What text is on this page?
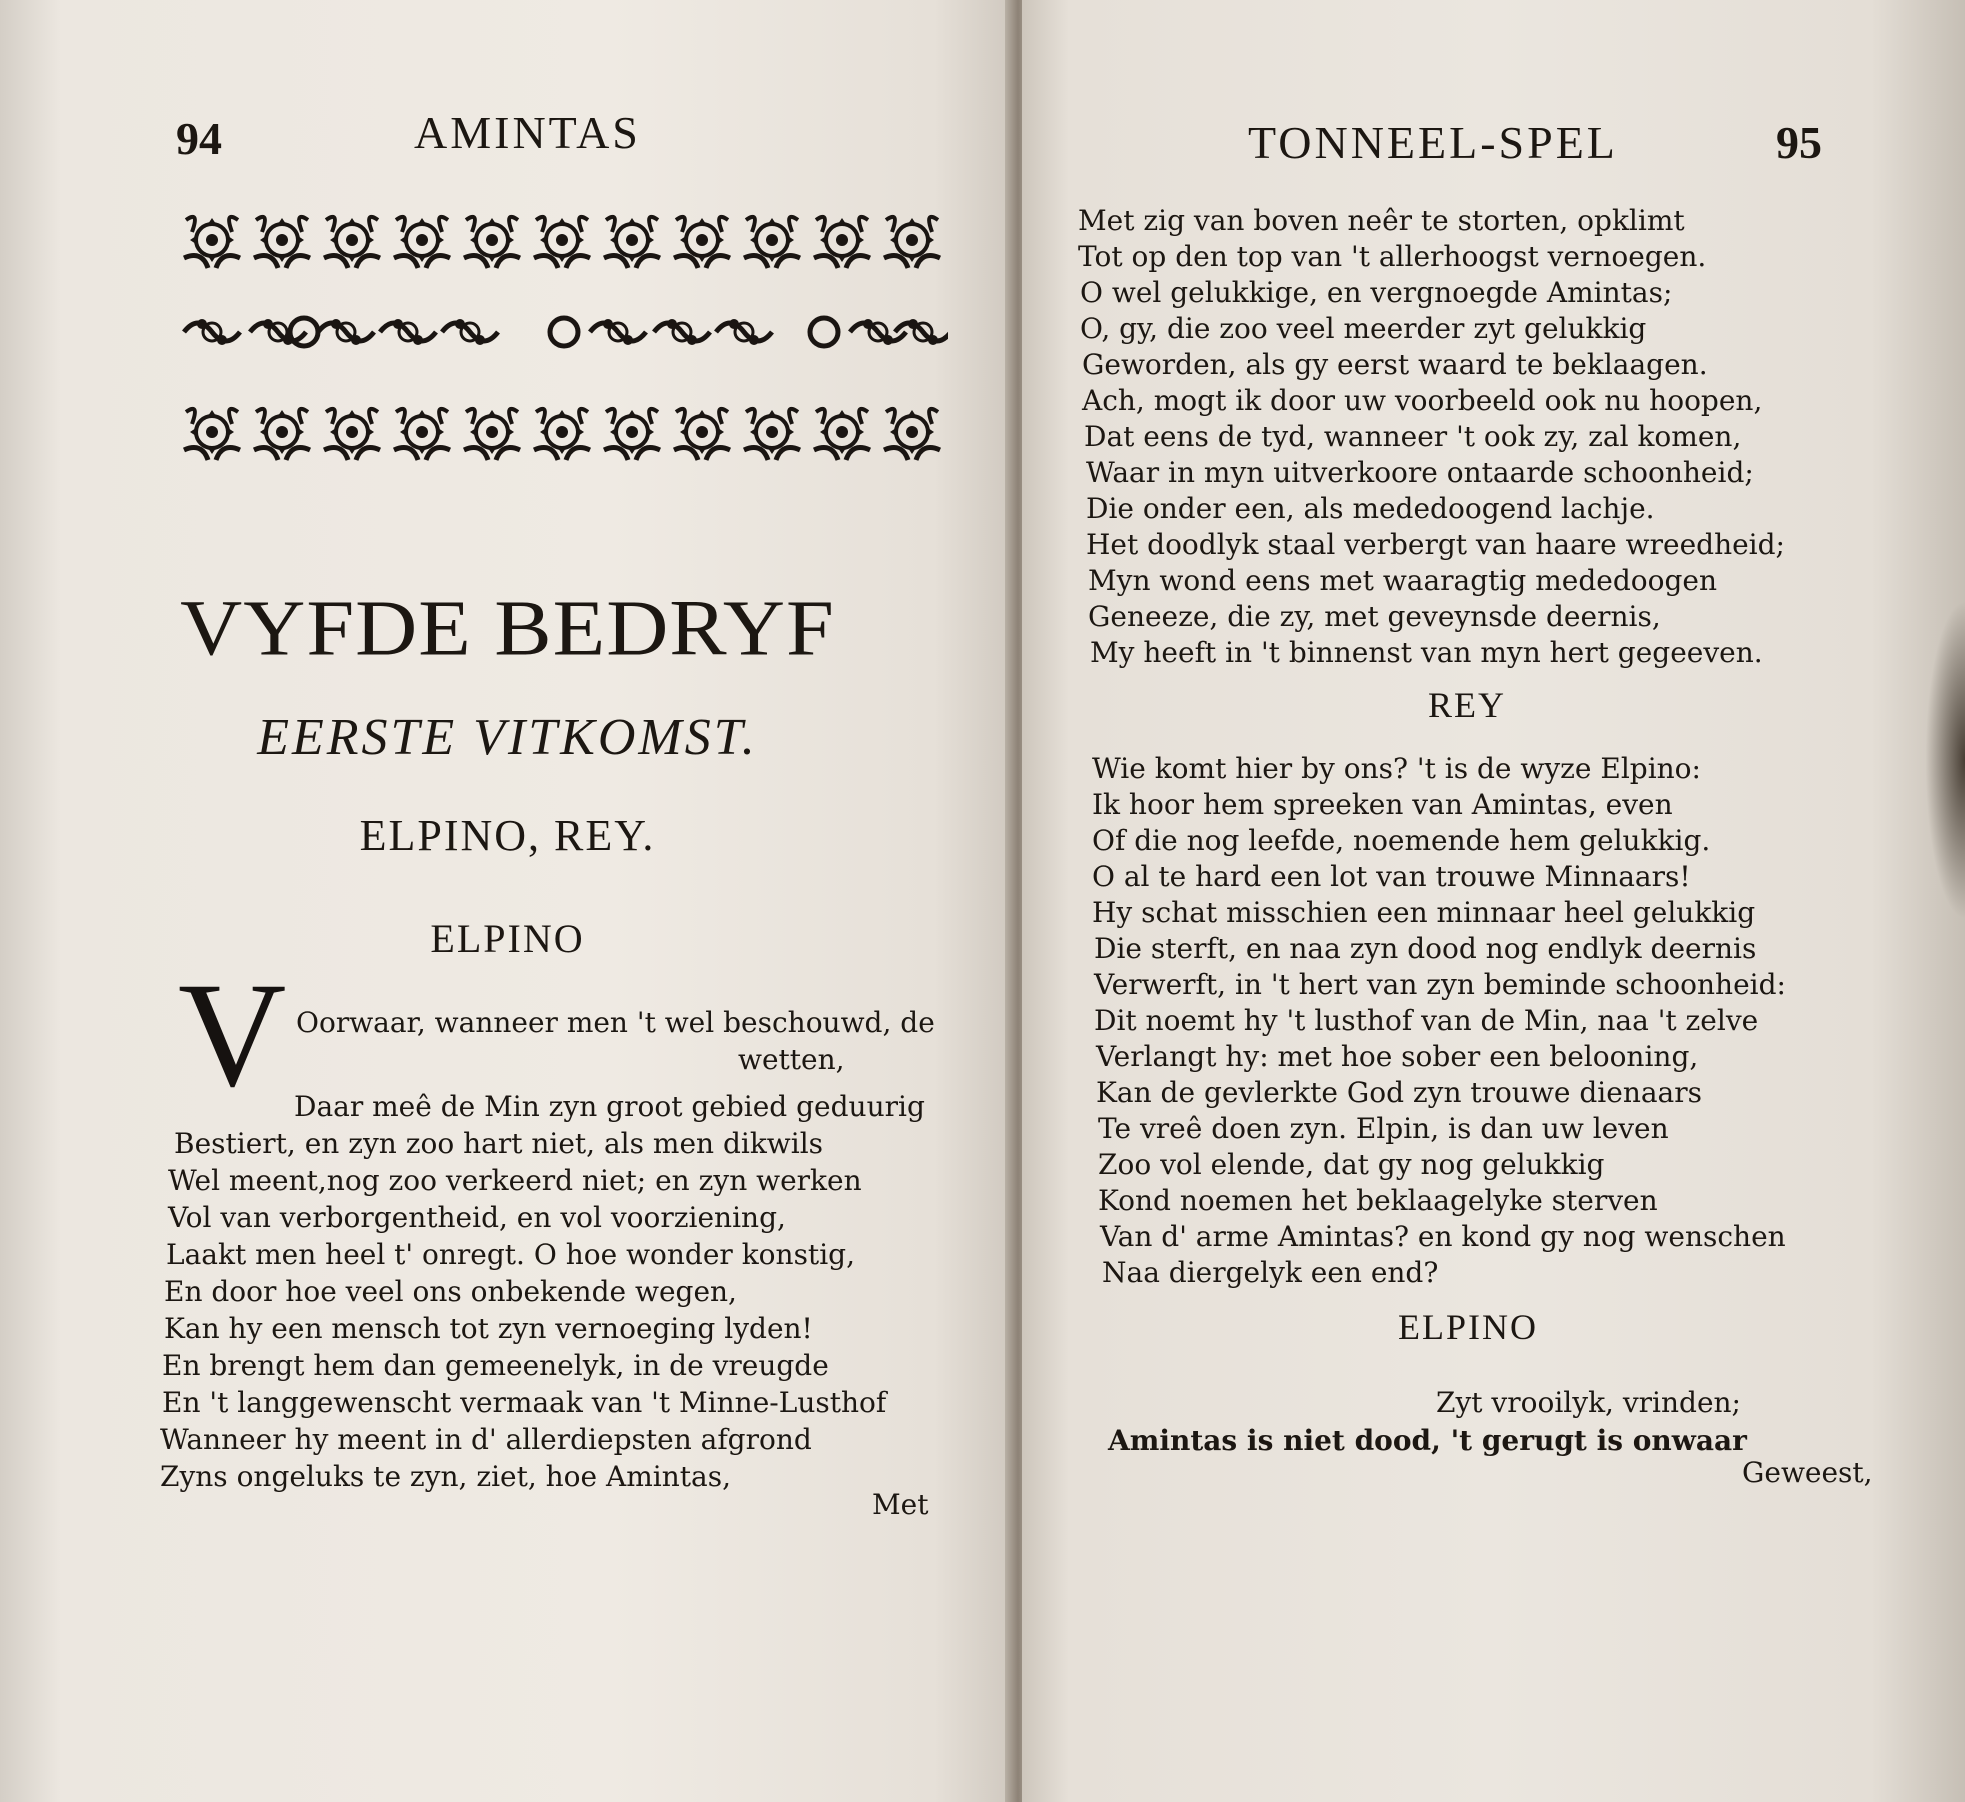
94	AMINTAS
VYFDE BEDRYF
EERSTE VITKOMST.
ELPINO, REY.
ELPINO
V Oorwaar, wanneer men 't wel beschouwd, de
wetten,
Daar meê de Min zyn groot gebied geduurig
Bestiert, en zyn zoo hart niet, als men dikwils
Wel meent,nog zoo verkeerd niet; en zyn werken
Vol van verborgentheid, en vol voorziening,
Laakt men heel t' onregt. O hoe wonder konstig,
En door hoe veel ons onbekende wegen,
Kan hy een mensch tot zyn vernoeging lyden!
En brengt hem dan gemeenelyk, in de vreugde
En 't langgewenscht vermaak van 't Minne-Lusthof
Wanneer hy meent in d' allerdiepsten afgrond
Zyns ongeluks te zyn, ziet, hoe Amintas,
Met
TONNEEL-SPEL	95
Met zig van boven neêr te storten, opklimt
Tot op den top van 't allerhoogst vernoegen.
O wel gelukkige, en vergnoegde Amintas;
O, gy, die zoo veel meerder zyt gelukkig
Geworden, als gy eerst waard te beklaagen.
Ach, mogt ik door uw voorbeeld ook nu hoopen,
Dat eens de tyd, wanneer 't ook zy, zal komen,
Waar in myn uitverkoore ontaarde schoonheid;
Die onder een, als mededoogend lachje.
Het doodlyk staal verbergt van haare wreedheid;
Myn wond eens met waaragtig mededoogen
Geneeze, die zy, met geveynsde deernis,
My heeft in 't binnenst van myn hert gegeeven.
REY
Wie komt hier by ons? 't is de wyze Elpino:
Ik hoor hem spreeken van Amintas, even
Of die nog leefde, noemende hem gelukkig.
O al te hard een lot van trouwe Minnaars!
Hy schat misschien een minnaar heel gelukkig
Die sterft, en naa zyn dood nog endlyk deernis
Verwerft, in 't hert van zyn beminde schoonheid:
Dit noemt hy 't lusthof van de Min, naa 't zelve
Verlangt hy: met hoe sober een belooning,
Kan de gevlerkte God zyn trouwe dienaars
Te vreê doen zyn. Elpin, is dan uw leven
Zoo vol elende, dat gy nog gelukkig
Kond noemen het beklaagelyke sterven
Van d' arme Amintas? en kond gy nog wenschen
Naa diergelyk een end?
ELPINO
Zyt vrooilyk, vrinden;
Amintas is niet dood, 't gerugt is onwaar
Geweest,
